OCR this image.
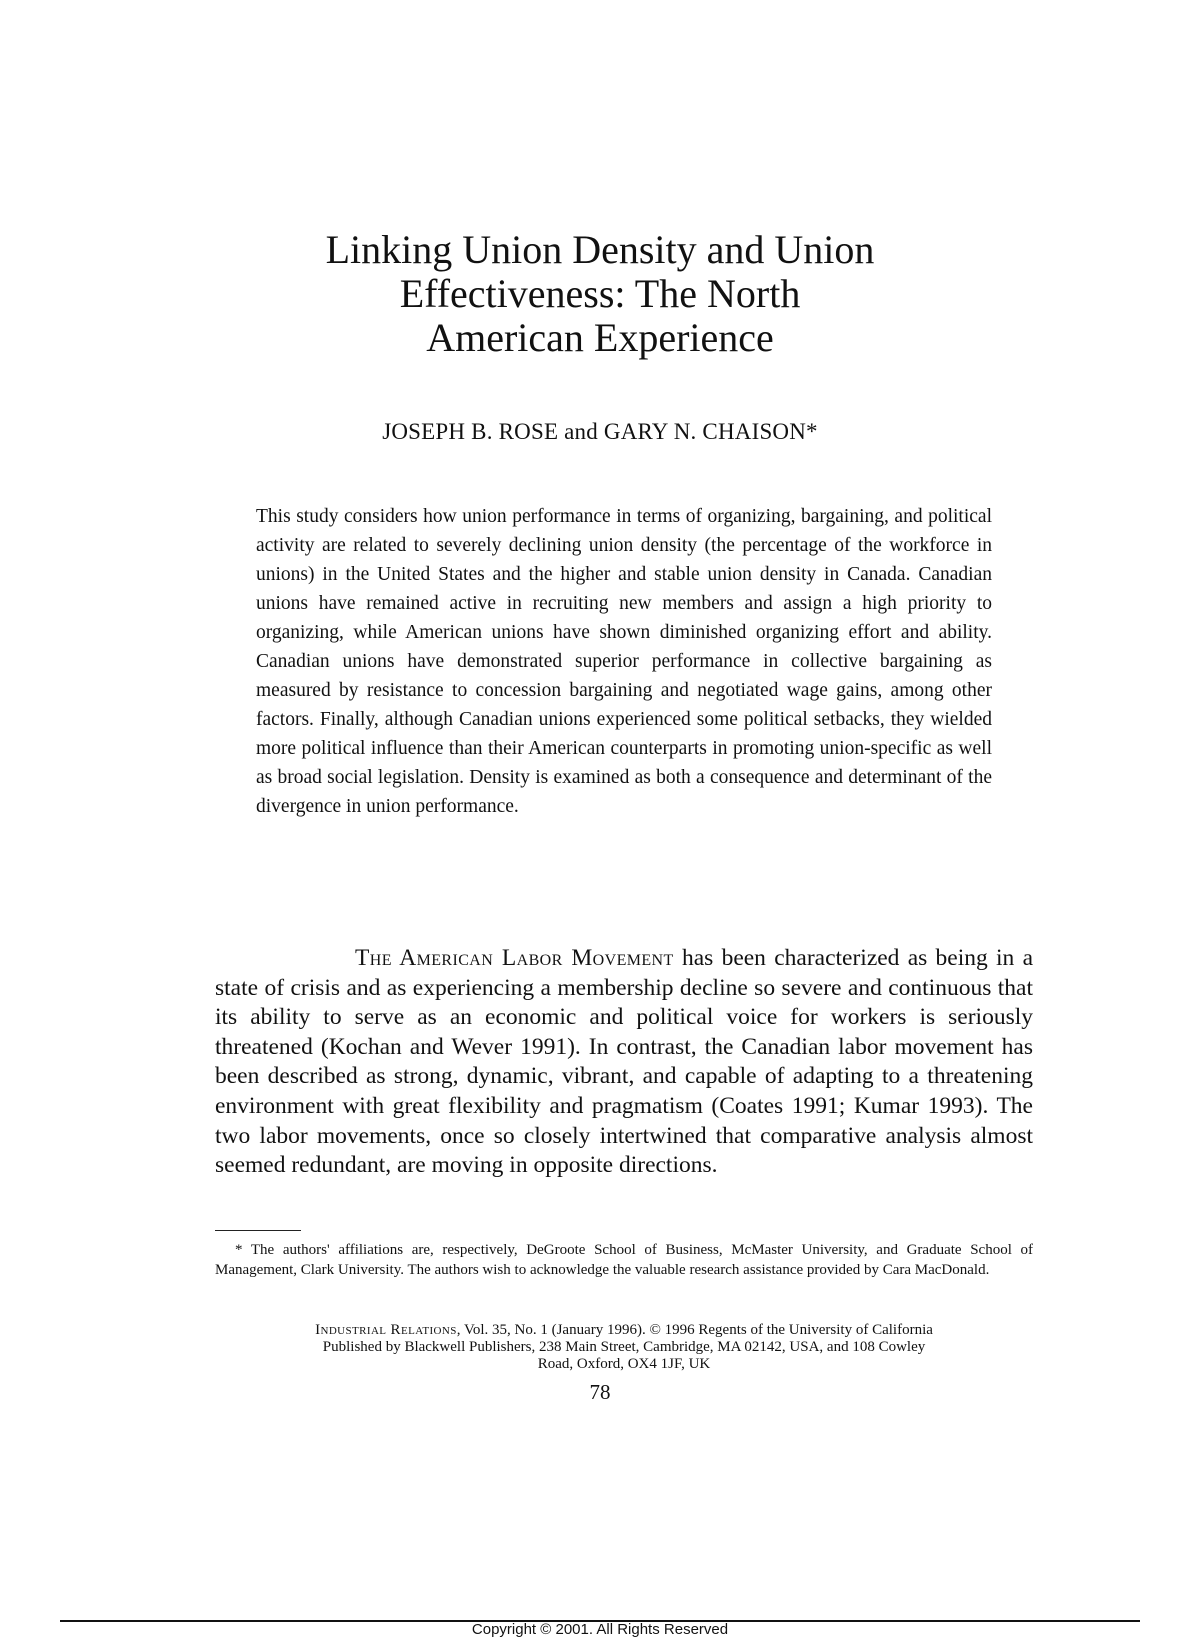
Linking Union Density and Union
Effectiveness: The North
American Experience
JOSEPH B. ROSE and GARY N. CHAISON*

This study considers how union performance in terms of organizing, bargaining, and political activity are related to severely declining union density (the percentage of the workforce in unions) in the United States and the higher and stable union density in Canada. Canadian unions have remained active in recruiting new members and assign a high priority to organizing, while American unions have shown diminished organizing effort and ability. Canadian unions have demonstrated superior performance in collective bargaining as measured by resistance to concession bargaining and negotiated wage gains, among other factors. Finally, although Canadian unions experienced some political setbacks, they wielded more political influence than their American counterparts in promoting union-specific as well as broad social legislation. Density is examined as both a consequence and determinant of the divergence in union performance.

The American Labor Movement has been characterized as being in a state of crisis and as experiencing a membership decline so severe and continuous that its ability to serve as an economic and political voice for workers is seriously threatened (Kochan and Wever 1991). In contrast, the Canadian labor movement has been described as strong, dynamic, vibrant, and capable of adapting to a threatening environment with great flexibility and pragmatism (Coates 1991; Kumar 1993). The two labor movements, once so closely intertwined that comparative analysis almost seemed redundant, are moving in opposite directions.

* The authors' affiliations are, respectively, DeGroote School of Business, McMaster University, and Graduate School of Management, Clark University. The authors wish to acknowledge the valuable research assistance provided by Cara MacDonald.

Industrial Relations, Vol. 35, No. 1 (January 1996). © 1996 Regents of the University of California
Published by Blackwell Publishers, 238 Main Street, Cambridge, MA 02142, USA, and 108 Cowley
Road, Oxford, OX4 1JF, UK
78
Copyright © 2001. All Rights Reserved
